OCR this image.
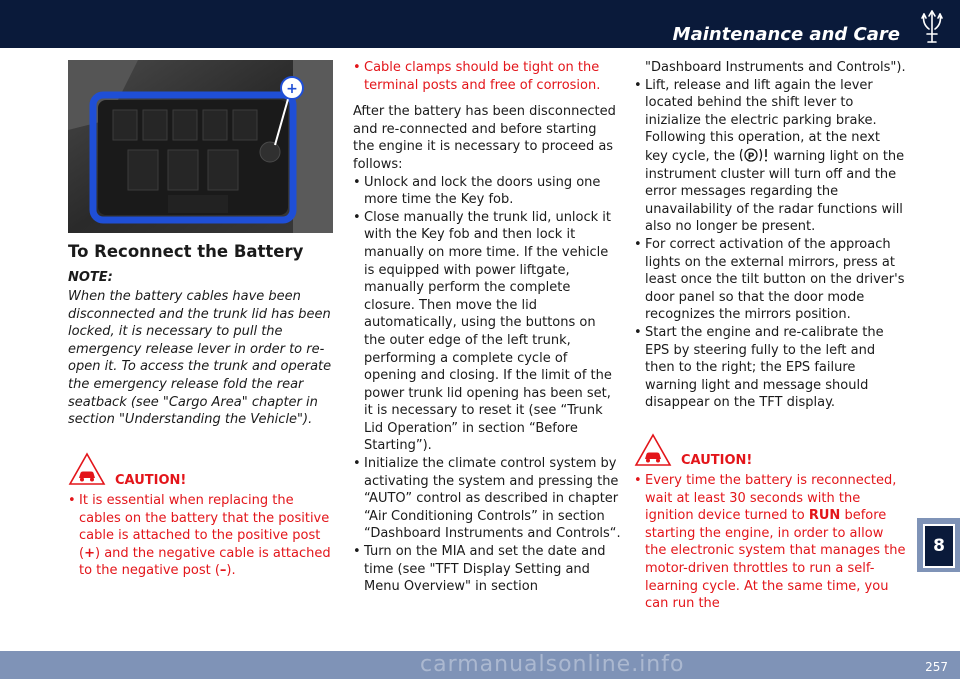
Maintenance and Care
+
To Reconnect the Battery
NOTE:
When the battery cables have been disconnected and the trunk lid has been locked, it is necessary to pull the emergency release lever in order to re-open it. To access the trunk and operate the emergency release fold the rear seatback (see "Cargo Area" chapter in section "Understanding the Vehicle").
CAUTION!
• It is essential when replacing the cables on the battery that the positive cable is attached to the positive post (+) and the negative cable is attached to the negative post (–).
• Cable clamps should be tight on the terminal posts and free of corrosion.
After the battery has been disconnected and re-connected and before starting the engine it is necessary to proceed as follows:
• Unlock and lock the doors using one more time the Key fob.
• Close manually the trunk lid, unlock it with the Key fob and then lock it manually on more time. If the vehicle is equipped with power liftgate, manually perform the complete closure. Then move the lid automatically, using the buttons on the outer edge of the left trunk, performing a complete cycle of opening and closing. If the limit of the power trunk lid opening has been set, it is necessary to reset it (see “Trunk Lid Operation” in section “Before Starting”).
• Initialize the climate control system by activating the system and pressing the “AUTO” control as described in chapter “Air Conditioning Controls” in section “Dashboard Instruments and Controls“.
• Turn on the MIA and set the date and time (see "TFT Display Setting and Menu Overview" in section
"Dashboard Instruments and Controls").
• Lift, release and lift again the lever located behind the shift lever to inizialize the electric parking brake. Following this operation, at the next key cycle, the P warning light on the instrument cluster will turn off and the error messages regarding the unavailability of the radar functions will also no longer be present.
• For correct activation of the approach lights on the external mirrors, press at least once the tilt button on the driver's door panel so that the door mode recognizes the mirrors position.
• Start the engine and re-calibrate the EPS by steering fully to the left and then to the right; the EPS failure warning light and message should disappear on the TFT display.
CAUTION!
• Every time the battery is reconnected, wait at least 30 seconds with the ignition device turned to RUN before starting the engine, in order to allow the electronic system that manages the motor-driven throttles to run a self-learning cycle. At the same time, you can run the
8
carmanualsonline.info	257
